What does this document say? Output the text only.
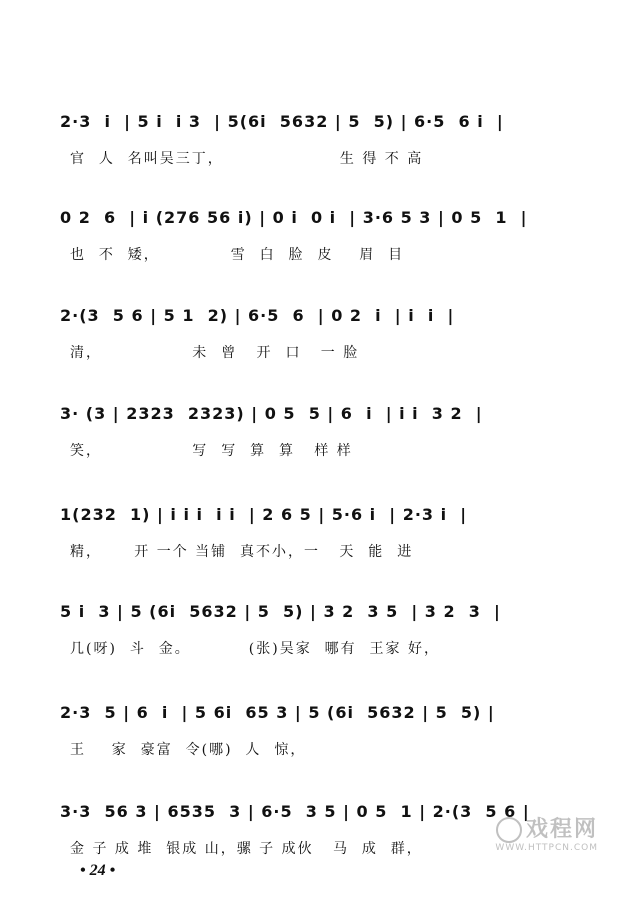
2·3  i  | 5 i  i 3  | 5(6i  5632 | 5  5) | 6·5  6 i  |
官  人  名叫吴三丁，                  生 得 不 高
0 2  6  | i (276 56 i) | 0 i  0 i  | 3·6 5 3 | 0 5  1  |
也  不  矮，           雪  白  脸  皮    眉  目
2·(3  5 6 | 5 1  2) | 6·5  6  | 0 2  i  | i  i  |
清，              未  曾   开  口   一 脸
3· (3 | 2323  2323) | 0 5  5 | 6  i  | i i  3 2  |
笑，              写  写  算  算   样 样
1(232  1) | i i i  i i  | 2 6 5 | 5·6 i  | 2·3 i  |
精，     开 一个 当铺  真不小，一   天  能  进
5 i  3 | 5 (6i  5632 | 5  5) | 3 2  3 5  | 3 2  3  |
几(呀)  斗  金。         (张)吴家  哪有  王家 好，
2·3  5 | 6  i  | 5 6i  65 3 | 5 (6i  5632 | 5  5) |
王    家  豪富  令(哪)  人  惊，
3·3  56 3 | 6535  3 | 6·5  3 5 | 0 5  1 | 2·(3  5 6 |
金 子 成 堆  银成 山，骡 子 成伙   马  成  群，
• 24 •
戏程网
WWW.HTTPCN.COM
